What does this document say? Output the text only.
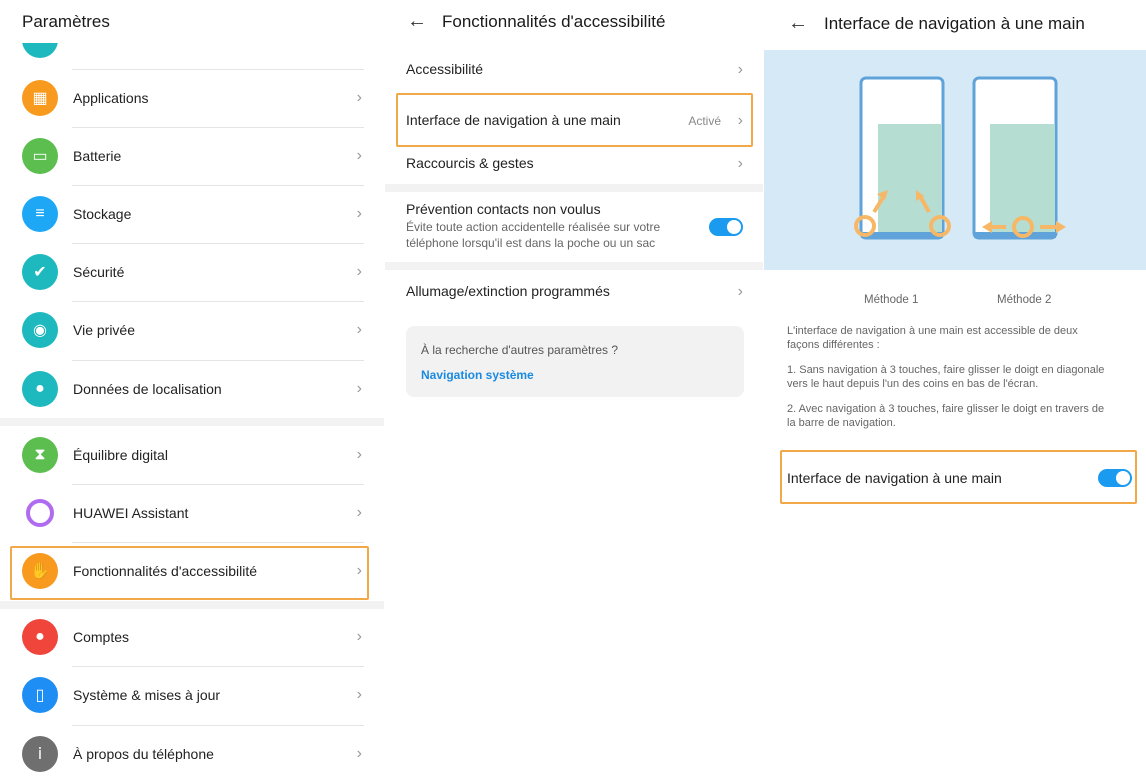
Paramètres
▦	Applications	›
▭	Batterie	›
≡	Stockage	›
✔	Sécurité	›
◉	Vie privée	›
●	Données de localisation	›
⧗	Équilibre digital	›
HUAWEI Assistant	›
✋	Fonctionnalités d'accessibilité	›
●	Comptes	›
▯	Système & mises à jour	›
ⅰ	À propos du téléphone	›
← Fonctionnalités d'accessibilité
Accessibilité	›
Interface de navigation à une main	Activé ›
Raccourcis & gestes	›
Prévention contacts non voulus
Évite toute action accidentelle réalisée sur votre
téléphone lorsqu'il est dans la poche ou un sac
Allumage/extinction programmés	›
À la recherche d'autres paramètres ?
Navigation système
← Interface de navigation à une main
Méthode 1	Méthode 2
L'interface de navigation à une main est accessible de deux
façons différentes :
1. Sans navigation à 3 touches, faire glisser le doigt en diagonale
vers le haut depuis l'un des coins en bas de l'écran.
2. Avec navigation à 3 touches, faire glisser le doigt en travers de
la barre de navigation.
Interface de navigation à une main
